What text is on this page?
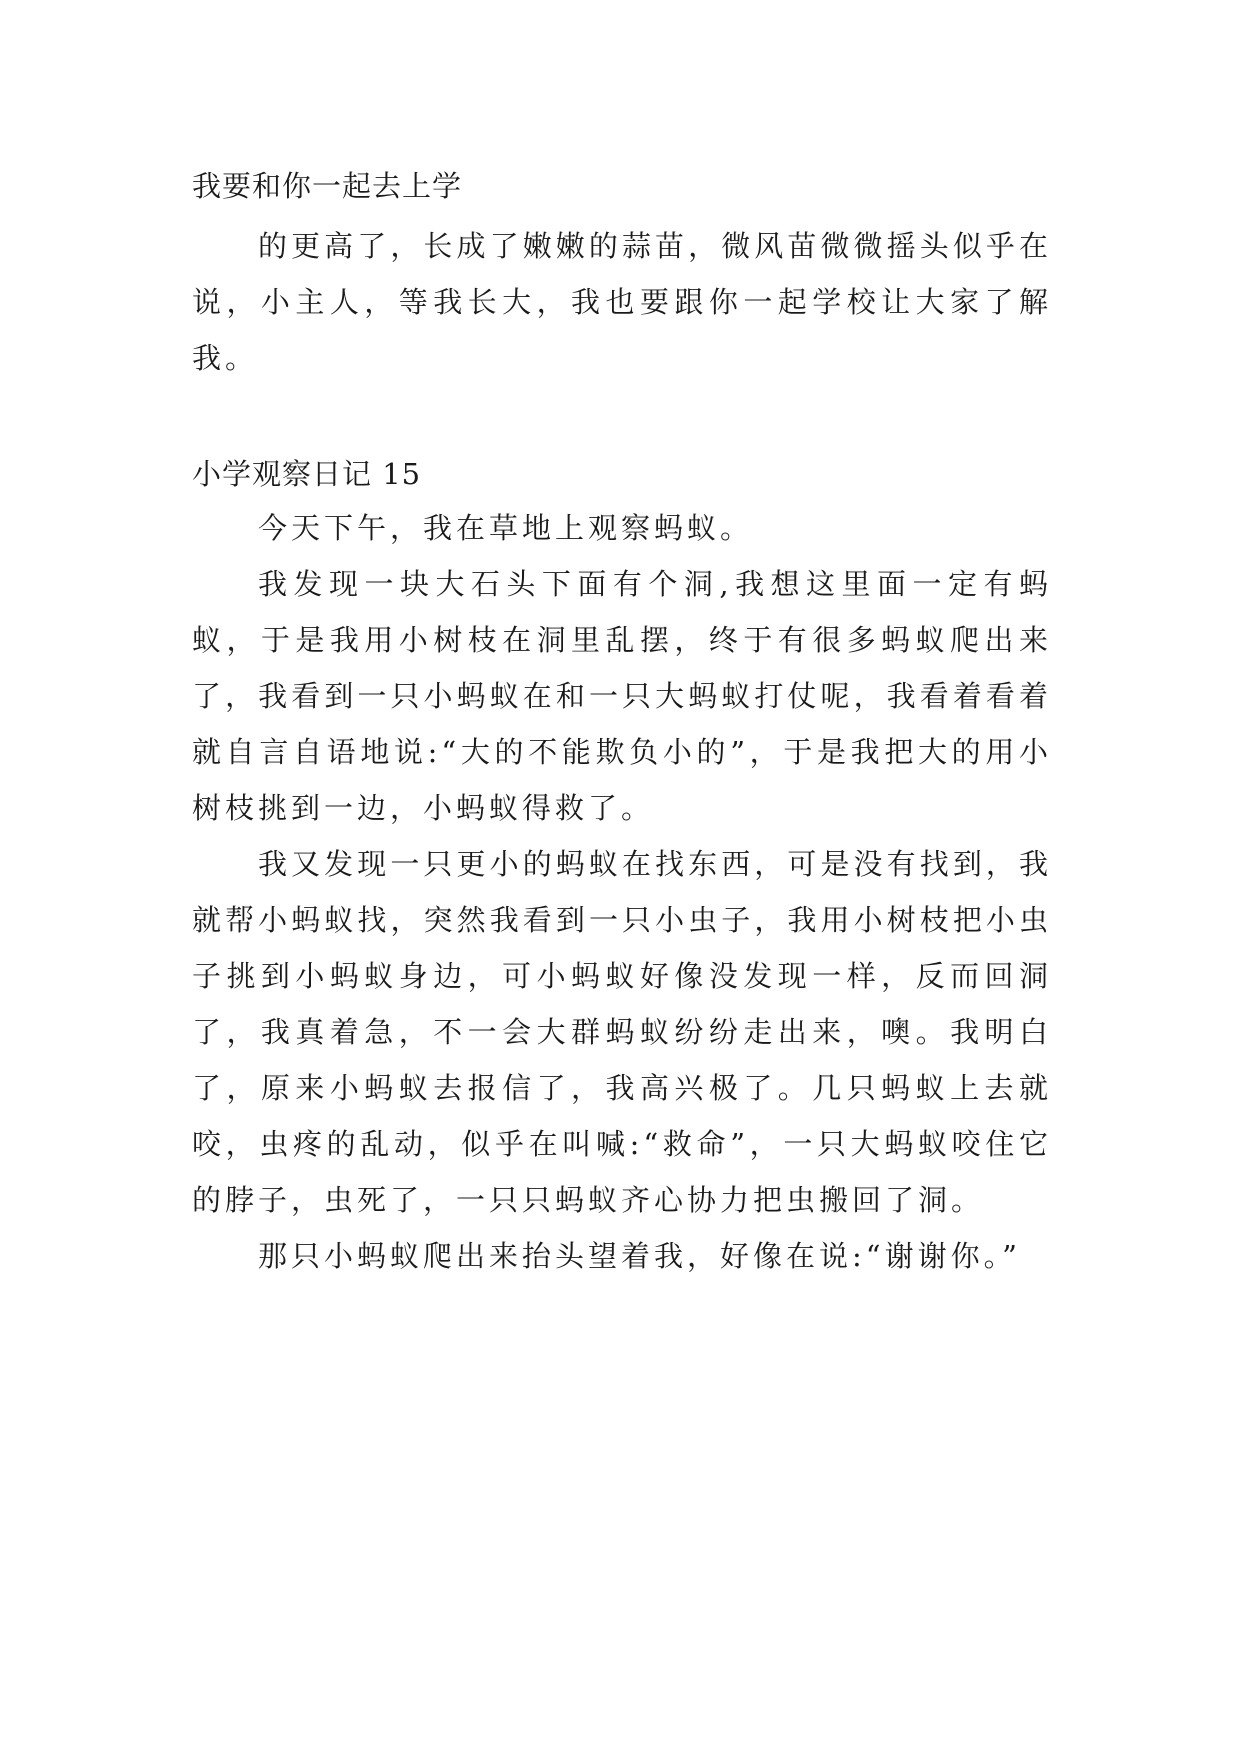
我要和你一起去上学

的更高了，长成了嫩嫩的蒜苗，微风苗微微摇头似乎在说，小主人，等我长大，我也要跟你一起学校让大家了解我。

小学观察日记 15

今天下午，我在草地上观察蚂蚁。

我发现一块大石头下面有个洞,我想这里面一定有蚂蚁，于是我用小树枝在洞里乱摆，终于有很多蚂蚁爬出来了，我看到一只小蚂蚁在和一只大蚂蚁打仗呢，我看着看着就自言自语地说:“大的不能欺负小的”，于是我把大的用小树枝挑到一边，小蚂蚁得救了。

我又发现一只更小的蚂蚁在找东西，可是没有找到，我就帮小蚂蚁找，突然我看到一只小虫子，我用小树枝把小虫子挑到小蚂蚁身边，可小蚂蚁好像没发现一样，反而回洞了，我真着急，不一会大群蚂蚁纷纷走出来，噢。我明白了，原来小蚂蚁去报信了，我高兴极了。几只蚂蚁上去就咬，虫疼的乱动，似乎在叫喊:“救命”，一只大蚂蚁咬住它的脖子，虫死了，一只只蚂蚁齐心协力把虫搬回了洞。

那只小蚂蚁爬出来抬头望着我，好像在说:“谢谢你。”
